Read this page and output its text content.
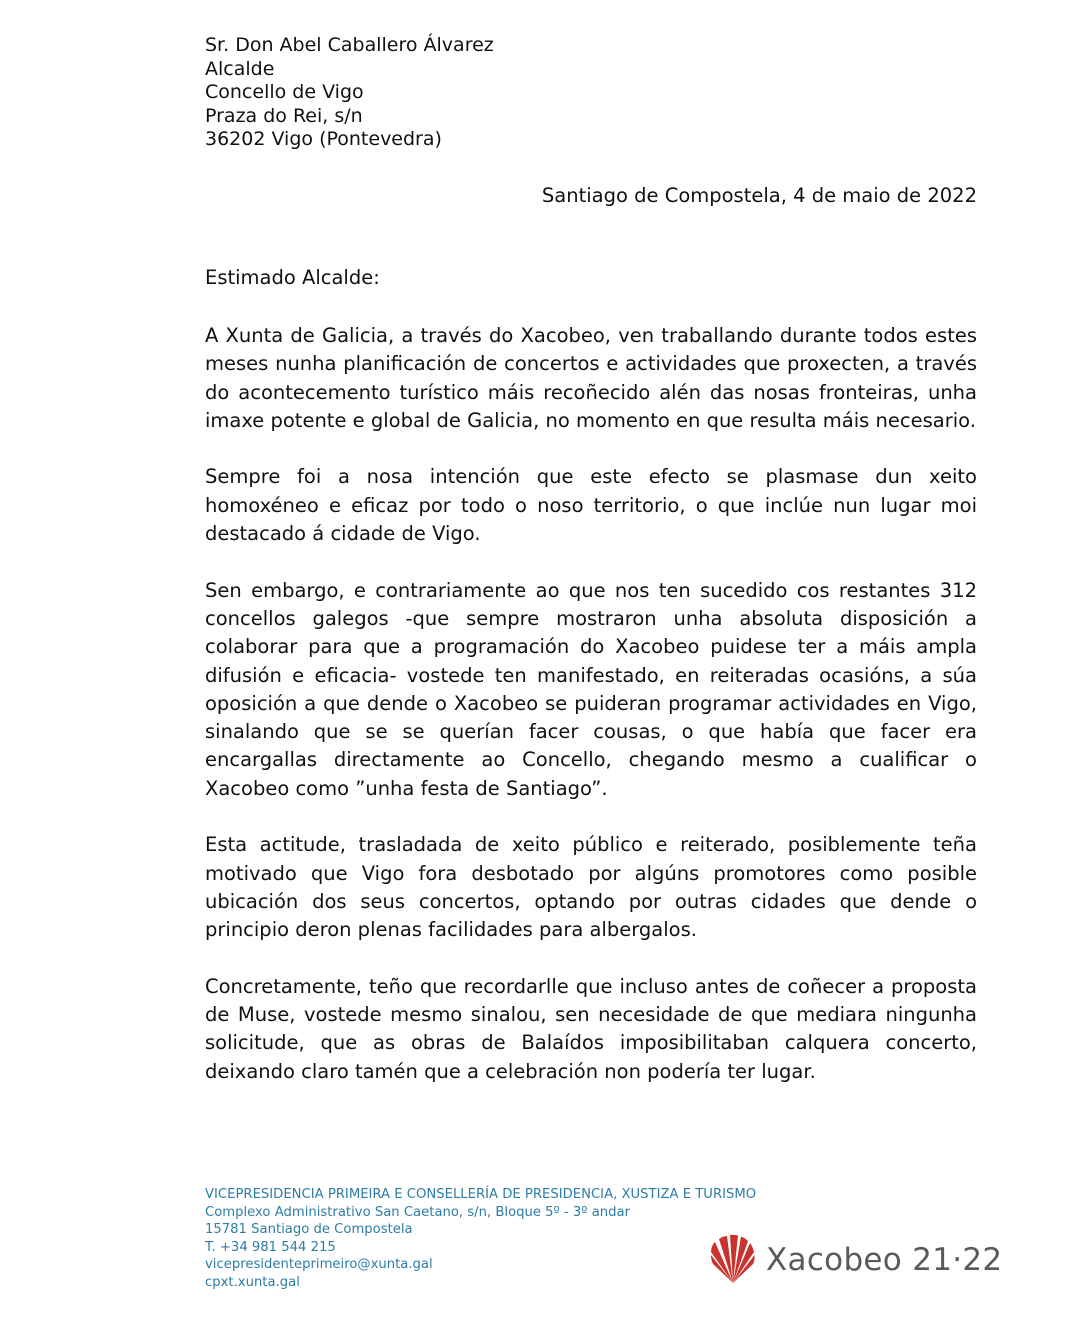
Sr. Don Abel Caballero Álvarez
Alcalde
Concello de Vigo
Praza do Rei, s/n
36202 Vigo (Pontevedra)
Santiago de Compostela, 4 de maio de 2022
Estimado Alcalde:

A Xunta de Galicia, a través do Xacobeo, ven traballando durante todos estes meses nunha planificación de concertos e actividades que proxecten, a través do acontecemento turístico máis recoñecido alén das nosas fronteiras, unha imaxe potente e global de Galicia, no momento en que resulta máis necesario.

Sempre foi a nosa intención que este efecto se plasmase dun xeito homoxéneo e eficaz por todo o noso territorio, o que inclúe nun lugar moi destacado á cidade de Vigo.

Sen embargo, e contrariamente ao que nos ten sucedido cos restantes 312 concellos galegos -que sempre mostraron unha absoluta disposición a colaborar para que a programación do Xacobeo puidese ter a máis ampla difusión e eficacia- vostede ten manifestado, en reiteradas ocasións, a súa oposición a que dende o Xacobeo se puideran programar actividades en Vigo, sinalando que se se querían facer cousas, o que había que facer era encargallas directamente ao Concello, chegando mesmo a cualificar o Xacobeo como ”unha festa de Santiago”.

Esta actitude, trasladada de xeito público e reiterado, posiblemente teña motivado que Vigo fora desbotado por algúns promotores como posible ubicación dos seus concertos, optando por outras cidades que dende o principio deron plenas facilidades para albergalos.

Concretamente, teño que recordarlle que incluso antes de coñecer a proposta de Muse, vostede mesmo sinalou, sen necesidade de que mediara ningunha solicitude, que as obras de Balaídos imposibilitaban calquera concerto, deixando claro tamén que a celebración non podería ter lugar.

VICEPRESIDENCIA PRIMEIRA E CONSELLERÍA DE PRESIDENCIA, XUSTIZA E TURISMO
Complexo Administrativo San Caetano, s/n, Bloque 5º - 3º andar
15781 Santiago de Compostela
T. +34 981 544 215
vicepresidenteprimeiro@xunta.gal
cpxt.xunta.gal
Xacobeo 21·22
